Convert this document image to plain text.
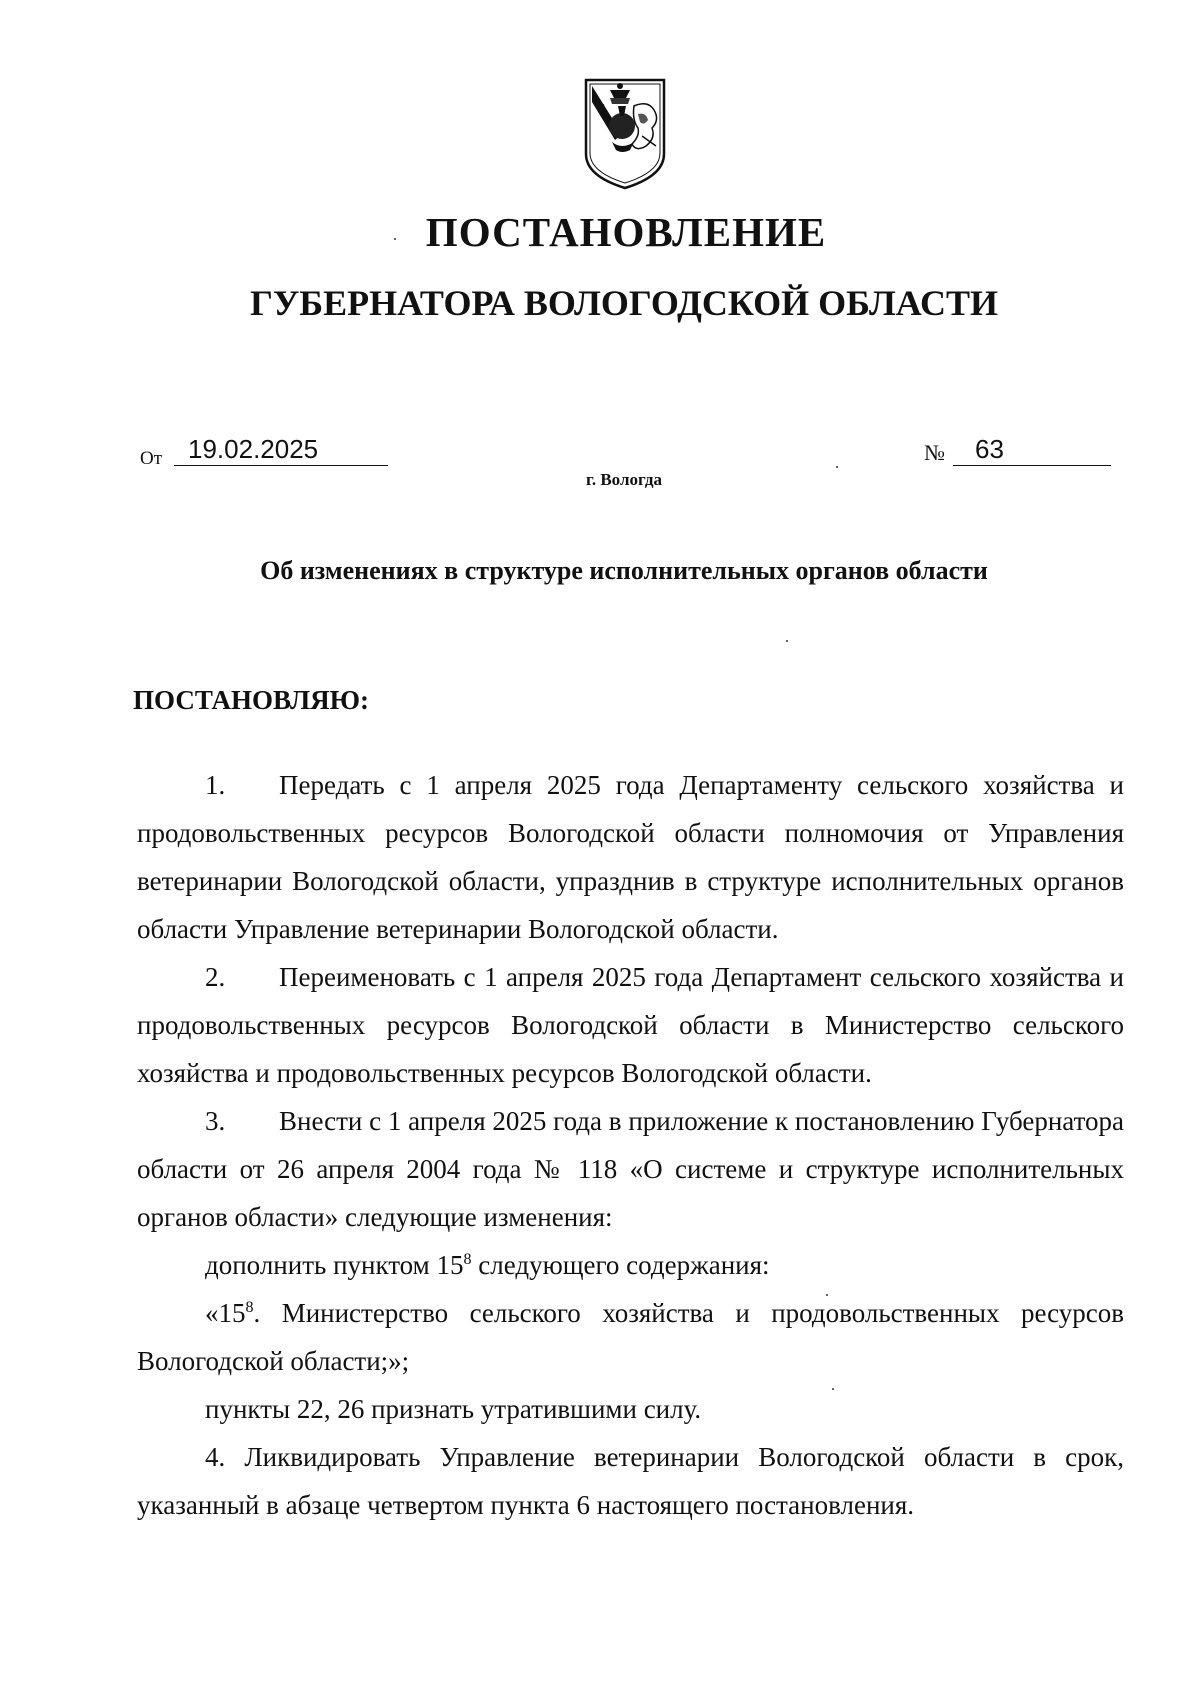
ПОСТАНОВЛЕНИЕ
ГУБЕРНАТОРА ВОЛОГОДСКОЙ ОБЛАСТИ
От 19.02.2025	№	63
г. Вологда
Об изменениях в структуре исполнительных органов области
ПОСТАНОВЛЯЮ:

1. Передать с 1 апреля 2025 года Департаменту сельского хозяйства и продовольственных ресурсов Вологодской области полномочия от Управления ветеринарии Вологодской области, упразднив в структуре исполнительных органов области Управление ветеринарии Вологодской области.

2. Переименовать с 1 апреля 2025 года Департамент сельского хозяйства и продовольственных ресурсов Вологодской области в Министерство сельского хозяйства и продовольственных ресурсов Вологодской области.

3. Внести с 1 апреля 2025 года в приложение к постановлению Губернатора области от 26 апреля 2004 года № 118 «О системе и структуре исполнительных органов области» следующие изменения:

дополнить пунктом $15^8$ следующего содержания:

«$15^8$. Министерство сельского хозяйства и продовольственных ресурсов Вологодской области;»;

пункты 22, 26 признать утратившими силу.

4. Ликвидировать Управление ветеринарии Вологодской области в срок, указанный в абзаце четвертом пункта 6 настоящего постановления.
